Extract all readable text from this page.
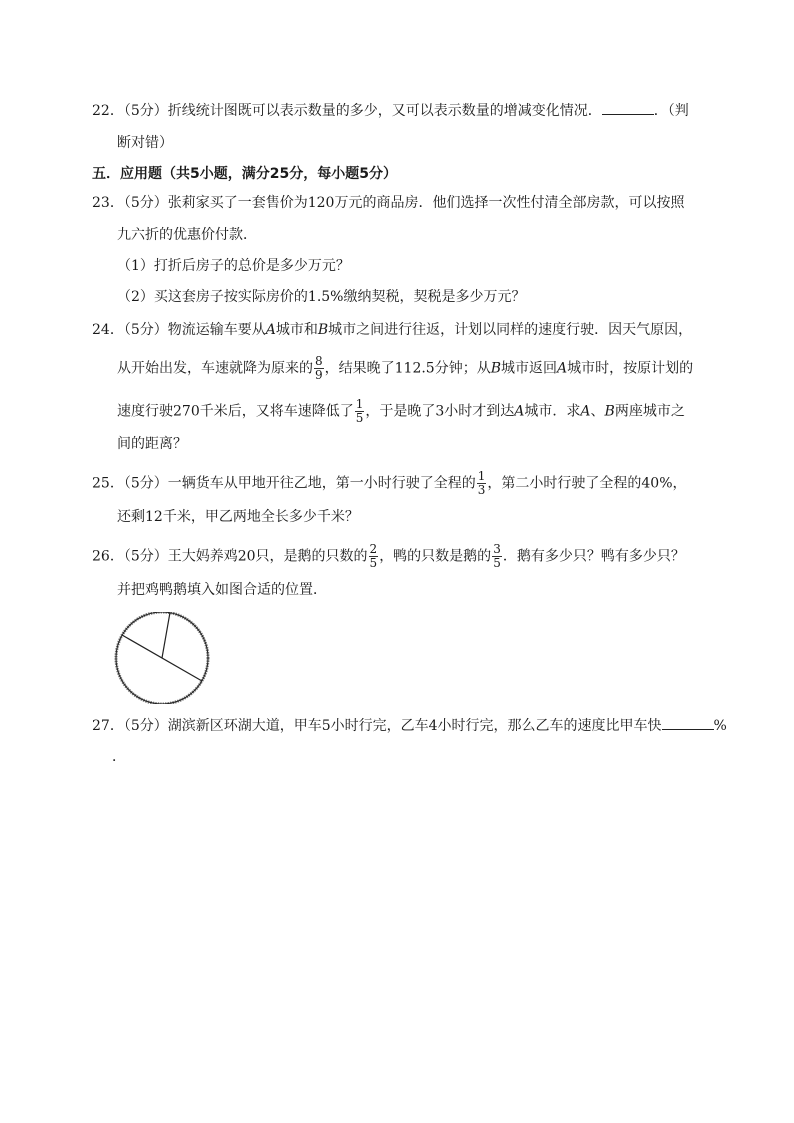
22．（5分）折线统计图既可以表示数量的多少，又可以表示数量的增减变化情况．	．（判
断对错）
五．应用题（共5小题，满分25分，每小题5分）
23．（5分）张莉家买了一套售价为120万元的商品房．他们选择一次性付清全部房款，可以按照
九六折的优惠价付款．
（1）打折后房子的总价是多少万元？
（2）买这套房子按实际房价的1.5%缴纳契税，契税是多少万元？
24．（5分）物流运输车要从A城市和B城市之间进行往返，计划以同样的速度行驶．因天气原因，
从开始出发，车速就降为原来的 $\frac{8}{9}$ ，结果晚了112.5分钟；从B城市返回A城市时，按原计划的
速度行驶270千米后，又将车速降低了 $\frac{1}{5}$ ，于是晚了3小时才到达A城市．求A、B两座城市之
间的距离？
25．（5分）一辆货车从甲地开往乙地，第一小时行驶了全程的 $\frac{1}{3}$ ，第二小时行驶了全程的40%，
还剩12千米，甲乙两地全长多少千米？
26．（5分）王大妈养鸡20只，是鹅的只数的 $\frac{2}{5}$ ，鸭的只数是鹅的 $\frac{3}{5}$ ．鹅有多少只？鸭有多少只？
并把鸡鸭鹅填入如图合适的位置．
27．（5分）湖滨新区环湖大道，甲车5小时行完，乙车4小时行完，那么乙车的速度比甲车快	%
．
